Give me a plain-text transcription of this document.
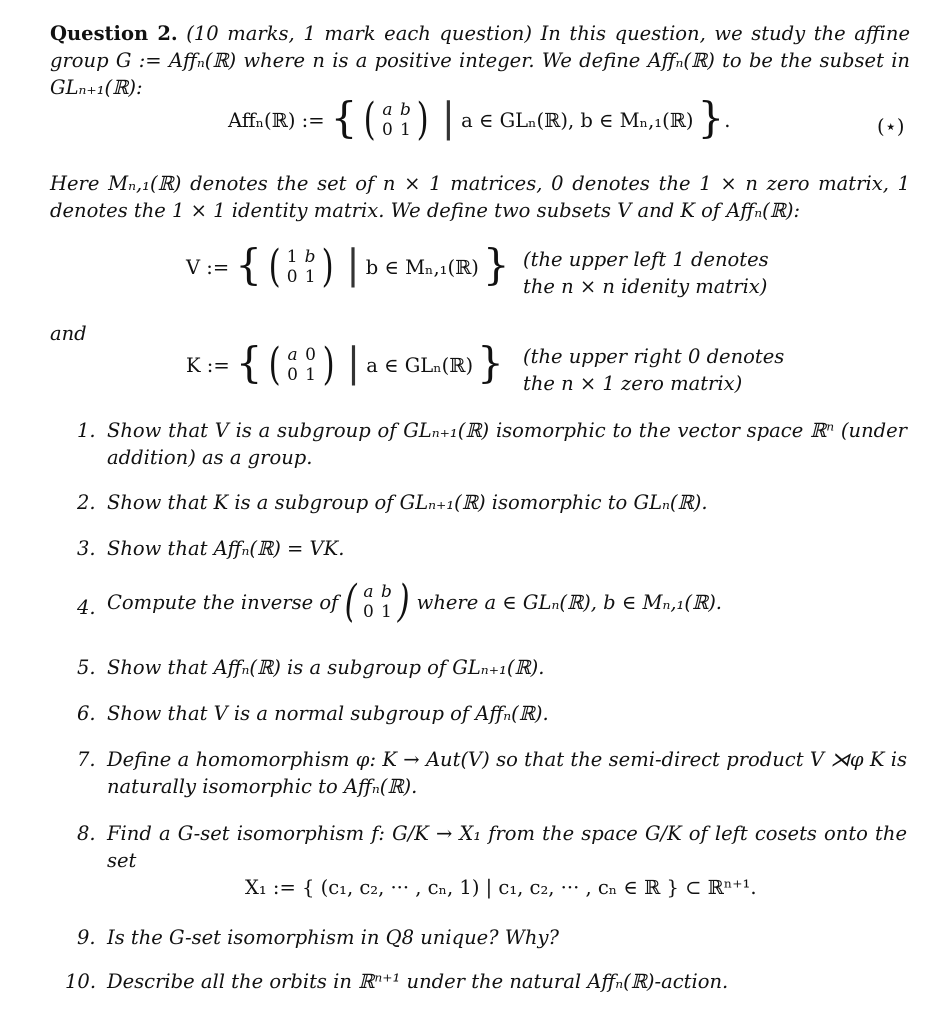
Question 2. (10 marks, 1 mark each question) In this question, we study the affine group G := Affₙ(ℝ) where n is a positive integer. We define Affₙ(ℝ) to be the subset in GLₙ₊₁(ℝ):
Affₙ(ℝ) := { ( a b
0 1 ) | a ∈ GLₙ(ℝ), b ∈ Mₙ,₁(ℝ) } .	(⋆)
Here Mₙ,₁(ℝ) denotes the set of n × 1 matrices, 0 denotes the 1 × n zero matrix, 1 denotes the 1 × 1 identity matrix. We define two subsets V and K of Affₙ(ℝ):
V := { ( 1 b
0 1 ) | b ∈ Mₙ,₁(ℝ) } (the upper left 1 denotes
the n × n idenity matrix)
and
K := { ( a 0
0 1 ) | a ∈ GLₙ(ℝ) } (the upper right 0 denotes
the n × 1 zero matrix)
1. Show that V is a subgroup of GLₙ₊₁(ℝ) isomorphic to the vector space ℝⁿ (under addition) as a group.
2. Show that K is a subgroup of GLₙ₊₁(ℝ) isomorphic to GLₙ(ℝ).
3. Show that Affₙ(ℝ) = VK.
4. Compute the inverse of ( a b
0 1 ) where a ∈ GLₙ(ℝ), b ∈ Mₙ,₁(ℝ).
5. Show that Affₙ(ℝ) is a subgroup of GLₙ₊₁(ℝ).
6. Show that V is a normal subgroup of Affₙ(ℝ).
7. Define a homomorphism φ: K → Aut(V) so that the semi-direct product V ⋊φ K is naturally isomorphic to Affₙ(ℝ).
8. Find a G-set isomorphism f: G/K → X₁ from the space G/K of left cosets onto the set
X₁ := { (c₁, c₂, ··· , cₙ, 1) | c₁, c₂, ··· , cₙ ∈ ℝ } ⊂ ℝⁿ⁺¹.
9. Is the G-set isomorphism in Q8 unique? Why?
10. Describe all the orbits in ℝⁿ⁺¹ under the natural Affₙ(ℝ)-action.
